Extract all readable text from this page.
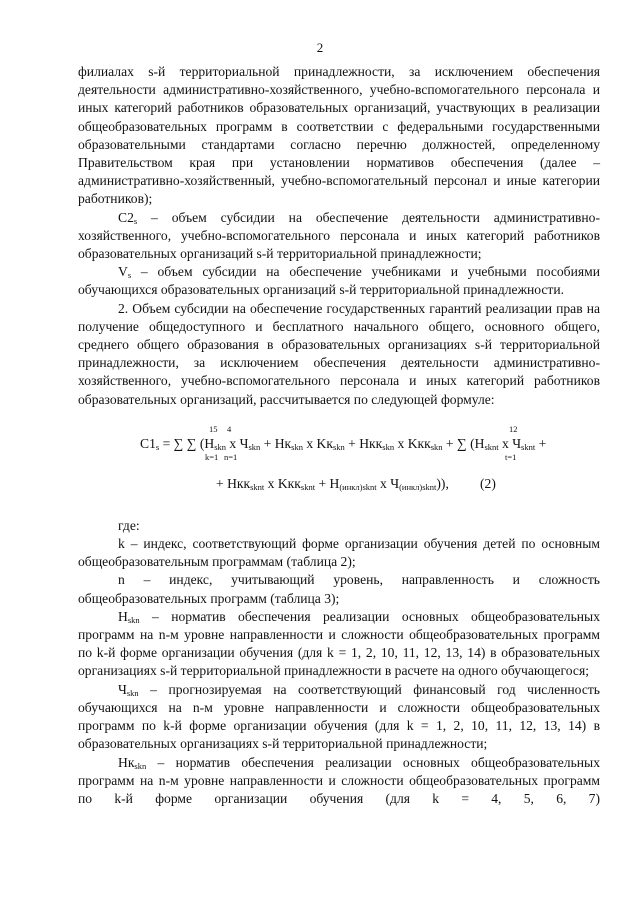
2

филиалах s-й территориальной принадлежности, за исключением обеспечения деятельности административно-хозяйственного, учебно-вспомогательного персонала и иных категорий работников образовательных организаций, участвующих в реализации общеобразовательных программ в соответствии с федеральными государственными образовательными стандартами согласно перечню должностей, определенному Правительством края при установлении нормативов обеспечения (далее – административно-хозяйственный, учебно-вспомогательный персонал и иные категории работников);

$C2_s$ – объем субсидии на обеспечение деятельности административно-хозяйственного, учебно-вспомогательного персонала и иных категорий работников образовательных организаций s-й территориальной принадлежности;

$V_s$ – объем субсидии на обеспечение учебниками и учебными пособиями обучающихся образовательных организаций s-й территориальной принадлежности.

2. Объем субсидии на обеспечение государственных гарантий реализации прав на получение общедоступного и бесплатного начального общего, основного общего, среднего общего образования в образовательных организациях s-й территориальной принадлежности, за исключением обеспечения деятельности административно-хозяйственного, учебно-вспомогательного персонала и иных категорий работников образовательных организаций, рассчитывается по следующей формуле:

15 4	12
$C1_s$ = ∑ ∑ ($H_{skn}$ x $Ч_{skn} + Hк_{skn}$ x $Kк_{skn} + Hкк_{skn}$ x Kкк$_{skn}$ + ∑ ($H_{sknt}$ x $Ч_{sknt}$ +
k=1 n=1	t=1
+ Hкк$_{sknt}$ x $Kкк_{sknt} + H_{(инкл)sknt}$ x $Ч_{(инкл)sknt}$)), (2)

где:

k – индекс, соответствующий форме организации обучения детей по основным общеобразовательным программам (таблица 2);

n – индекс, учитывающий уровень, направленность и сложность общеобразовательных программ (таблица 3);

$H_{skn}$ – норматив обеспечения реализации основных общеобразовательных программ на n-м уровне направленности и сложности общеобразовательных программ по k-й форме организации обучения (для k = 1, 2, 10, 11, 12, 13, 14) в образовательных организациях s-й территориальной принадлежности в расчете на одного обучающегося;

$Ч_{skn}$ – прогнозируемая на соответствующий финансовый год численность обучающихся на n-м уровне направленности и сложности общеобразовательных программ по k-й форме организации обучения (для k = 1, 2, 10, 11, 12, 13, 14) в образовательных организациях s-й территориальной принадлежности;

$Hк_{skn}$ – норматив обеспечения реализации основных общеобразовательных программ на n-м уровне направленности и сложности общеобразовательных программ по k-й форме организации обучения (для k = 4, 5, 6, 7)
